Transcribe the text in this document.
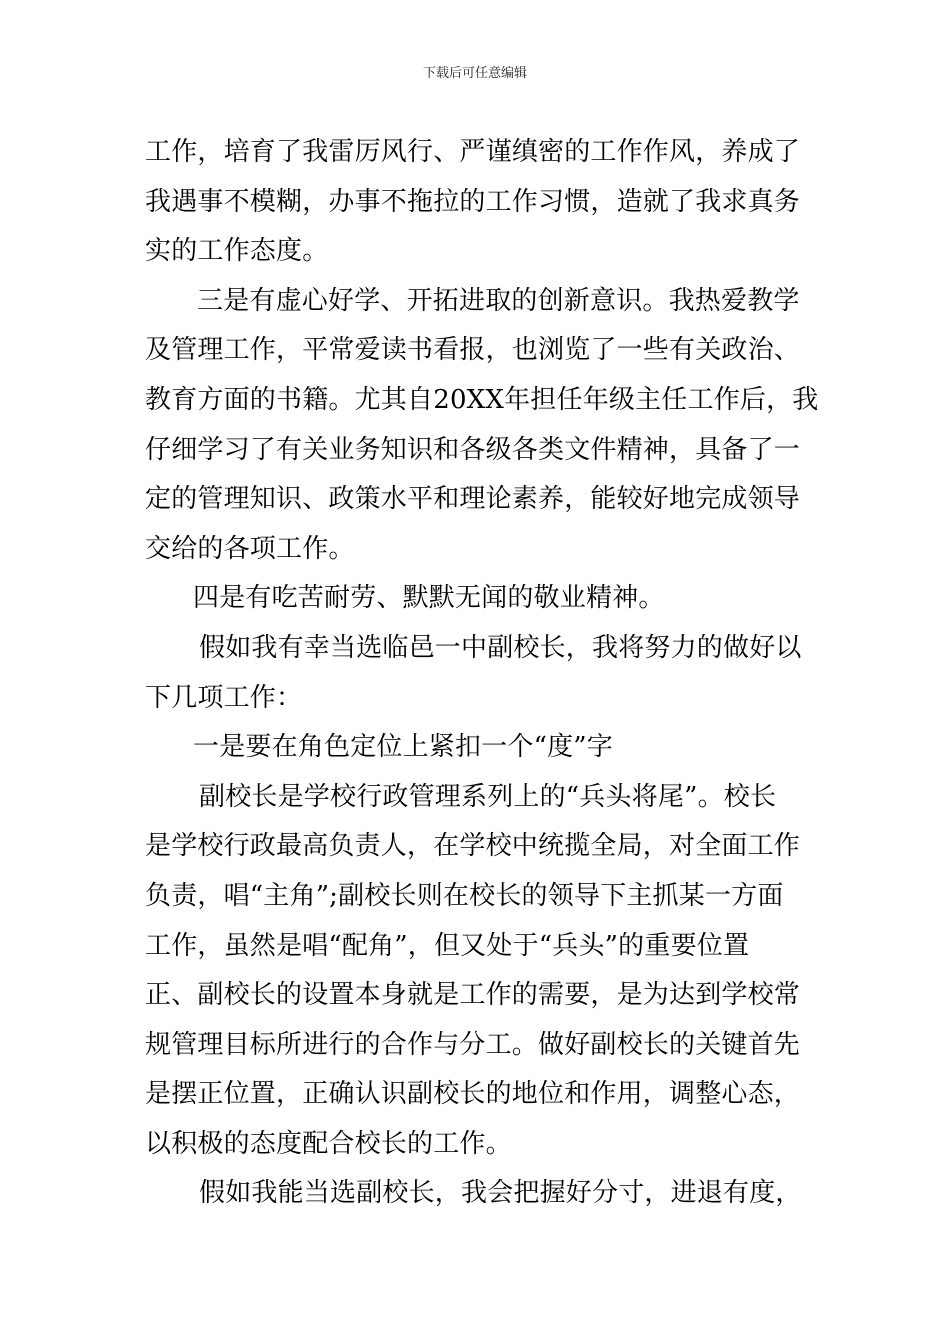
下载后可任意编辑
工作，培育了我雷厉风行、严谨缜密的工作作风，养成了
我遇事不模糊，办事不拖拉的工作习惯，造就了我求真务
实的工作态度。
三是有虚心好学、开拓进取的创新意识。我热爱教学
及管理工作，平常爱读书看报，也浏览了一些有关政治、
教育方面的书籍。尤其自20XX年担任年级主任工作后，我
仔细学习了有关业务知识和各级各类文件精神，具备了一
定的管理知识、政策水平和理论素养，能较好地完成领导
交给的各项工作。
四是有吃苦耐劳、默默无闻的敬业精神。
假如我有幸当选临邑一中副校长，我将努力的做好以
下几项工作：
一是要在角色定位上紧扣一个“度”字
副校长是学校行政管理系列上的“兵头将尾”。校长
是学校行政最高负责人，在学校中统揽全局，对全面工作
负责，唱“主角”;副校长则在校长的领导下主抓某一方面
工作，虽然是唱“配角”，但又处于“兵头”的重要位置
正、副校长的设置本身就是工作的需要，是为达到学校常
规管理目标所进行的合作与分工。做好副校长的关键首先
是摆正位置，正确认识副校长的地位和作用，调整心态，
以积极的态度配合校长的工作。
假如我能当选副校长，我会把握好分寸，进退有度，
